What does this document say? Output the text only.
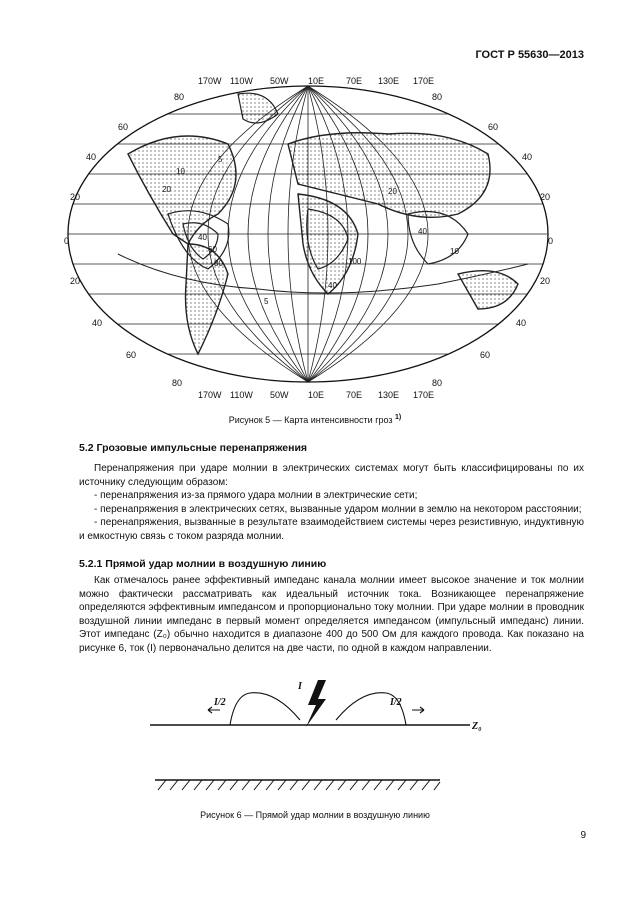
ГОСТ Р 55630—2013
170W 110W 50W 10E 70E 130E 170E
170W 110W 50W 10E 70E 130E 170E
80
60
40
20
0
20
40
60
80
80
60
40
20
0
20
40
60
80
5
10
20
40
60
80	100
20
40
10
5
40
Рисунок 5 — Карта интенсивности гроз $^{1)}$
5.2 Грозовые импульсные перенапряжения

Перенапряжения при ударе молнии в электрических системах могут быть классифицированы по их источнику следующим образом:

- перенапряжения из-за прямого удара молнии в электрические сети;

- перенапряжения в электрических сетях, вызванные ударом молнии в землю на некотором расстоянии;

- перенапряжения, вызванные в результате взаимодействием системы через резистивную, индуктивную и емкостную связь с током разряда молнии.

5.2.1 Прямой удар молнии в воздушную линию

Как отмечалось ранее эффективный импеданс канала молнии имеет высокое значение и ток молнии можно фактически рассматривать как идеальный источник тока. Возникающее перенапряжение определяются эффективным импедансом и пропорционально току молнии. При ударе молнии в проводник воздушной линии импеданс в первый момент определяется импедансом (импульсный импеданс) линии. Этот импеданс (Z₀) обычно находится в диапазоне 400 до 500 Ом для каждого провода. Как показано на рисунке 6, ток (I) первоначально делится на две части, по одной в каждом направлении.

I
I/2	I/2
Z₀
Рисунок 6 — Прямой удар молнии в воздушную линию
9
